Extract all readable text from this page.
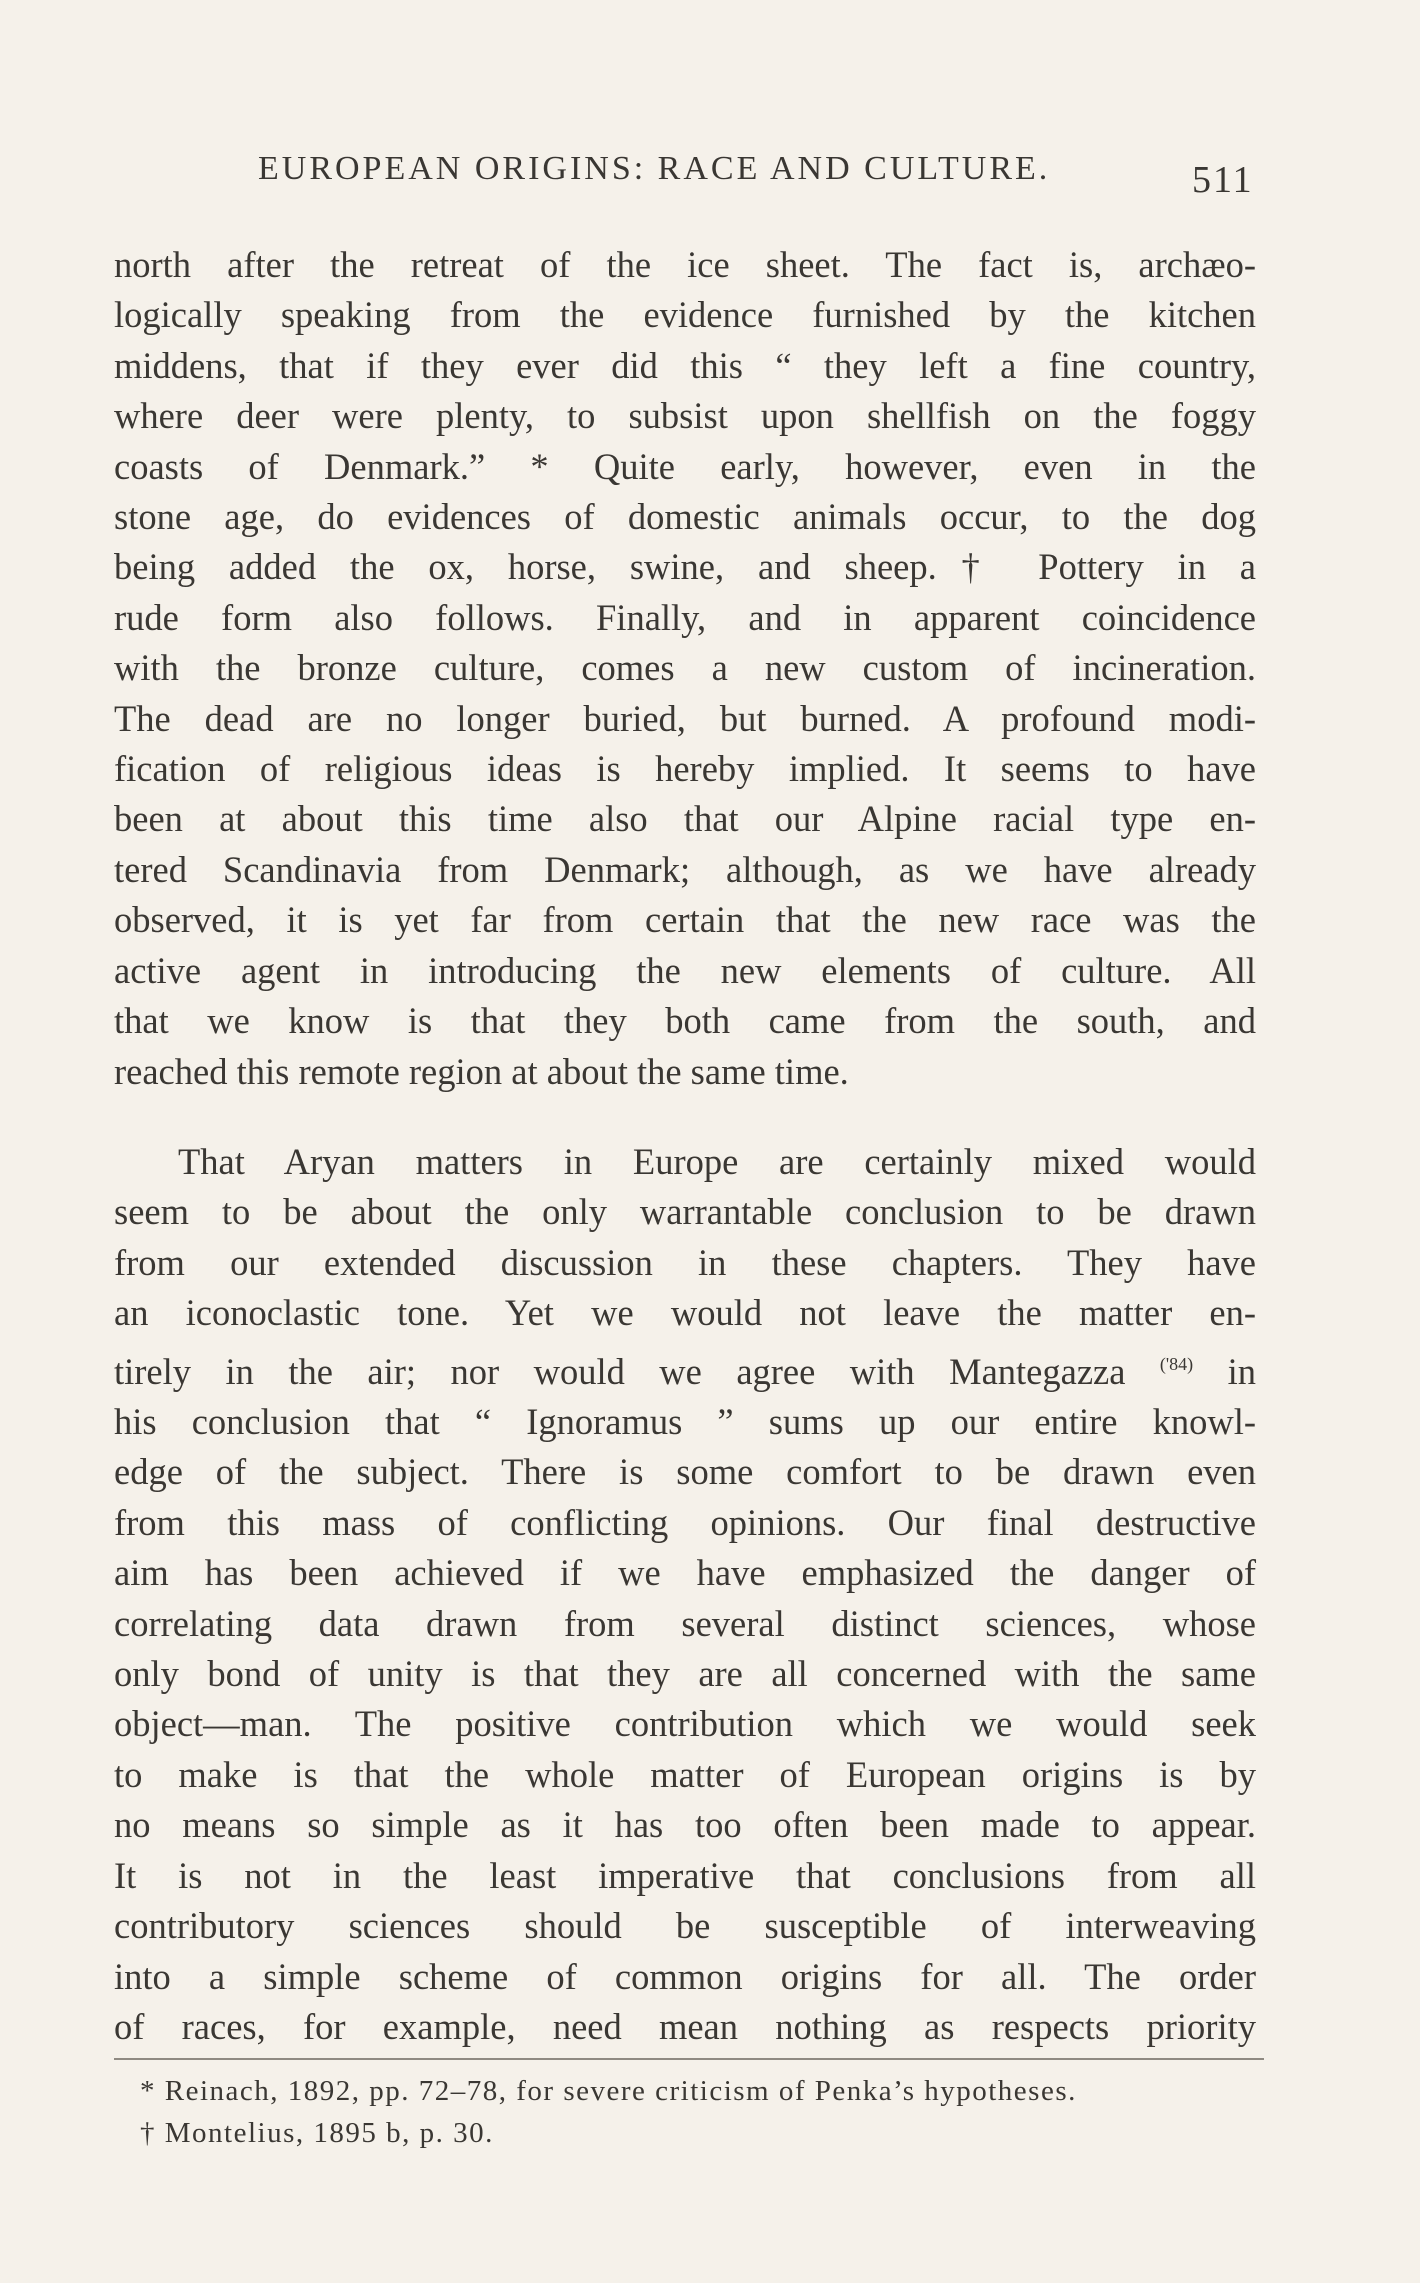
EUROPEAN ORIGINS: RACE AND CULTURE.	511
north after the retreat of the ice sheet. The fact is, archæo-
logically speaking from the evidence furnished by the kitchen
middens, that if they ever did this “ they left a fine country,
where deer were plenty, to subsist upon shellfish on the foggy
coasts of Denmark.” * Quite early, however, even in the
stone age, do evidences of domestic animals occur, to the dog
being added the ox, horse, swine, and sheep.† Pottery in a
rude form also follows. Finally, and in apparent coincidence
with the bronze culture, comes a new custom of incineration.
The dead are no longer buried, but burned. A profound modi-
fication of religious ideas is hereby implied. It seems to have
been at about this time also that our Alpine racial type en-
tered Scandinavia from Denmark; although, as we have already
observed, it is yet far from certain that the new race was the
active agent in introducing the new elements of culture. All
that we know is that they both came from the south, and
reached this remote region at about the same time.
That Aryan matters in Europe are certainly mixed would
seem to be about the only warrantable conclusion to be drawn
from our extended discussion in these chapters. They have
an iconoclastic tone. Yet we would not leave the matter en-
tirely in the air; nor would we agree with Mantegazza $^{('84)}$ in
his conclusion that “ Ignoramus ” sums up our entire knowl-
edge of the subject. There is some comfort to be drawn even
from this mass of conflicting opinions. Our final destructive
aim has been achieved if we have emphasized the danger of
correlating data drawn from several distinct sciences, whose
only bond of unity is that they are all concerned with the same
object—man. The positive contribution which we would seek
to make is that the whole matter of European origins is by
no means so simple as it has too often been made to appear.
It is not in the least imperative that conclusions from all
contributory sciences should be susceptible of interweaving
into a simple scheme of common origins for all. The order
of races, for example, need mean nothing as respects priority
* Reinach, 1892, pp. 72–78, for severe criticism of Penka’s hypotheses.
† Montelius, 1895 b, p. 30.
